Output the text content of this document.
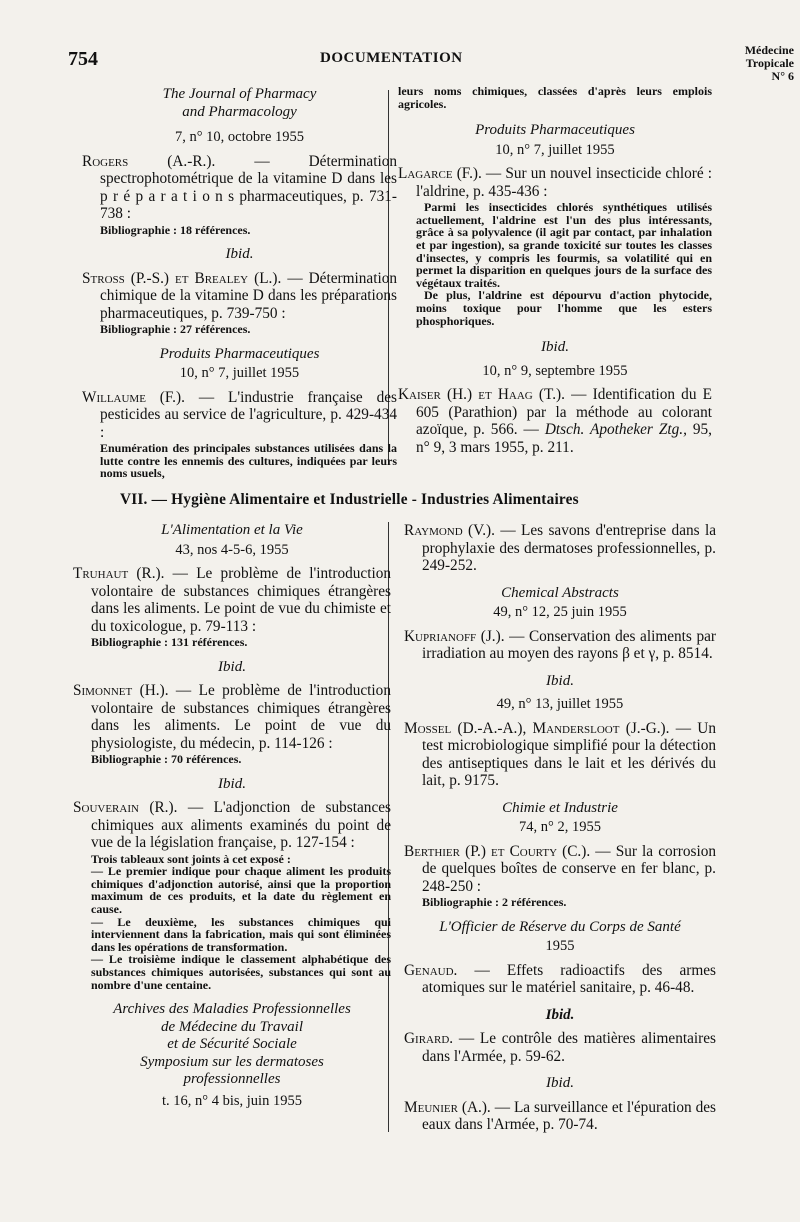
754	DOCUMENTATION	Médecine
Tropicale
N° 6
The Journal of Pharmacy
and Pharmacology
7, n° 10, octobre 1955
Rogers (A.-R.). — Détermination spectrophotométrique de la vitamine D dans les p r é p a r a t i o n s pharmaceutiques, p. 731-738 :
Bibliographie : 18 références.
Ibid.
Stross (P.-S.) et Brealey (L.). — Détermination chimique de la vitamine D dans les préparations pharmaceutiques, p. 739-750 :
Bibliographie : 27 références.
Produits Pharmaceutiques
10, n° 7, juillet 1955
Willaume (F.). — L'industrie française des pesticides au service de l'agriculture, p. 429-434 :
Enumération des principales substances utilisées dans la lutte contre les ennemis des cultures, indiquées par leurs noms usuels,
leurs noms chimiques, classées d'après leurs emplois agricoles.
Produits Pharmaceutiques
10, n° 7, juillet 1955
Lagarce (F.). — Sur un nouvel insecticide chloré : l'aldrine, p. 435-436 :

Parmi les insecticides chlorés synthétiques utilisés actuellement, l'aldrine est l'un des plus intéressants, grâce à sa polyvalence (il agit par contact, par inhalation et par ingestion), sa grande toxicité sur toutes les classes d'insectes, y compris les fourmis, sa volatilité qui en permet la disparition en quelques jours de la surface des végétaux traités.

De plus, l'aldrine est dépourvu d'action phytocide, moins toxique pour l'homme que les esters phosphoriques.

Ibid.
10, n° 9, septembre 1955
Kaiser (H.) et Haag (T.). — Identification du E 605 (Parathion) par la méthode au colorant azoïque, p. 566. — Dtsch. Apotheker Ztg., 95, n° 9, 3 mars 1955, p. 211.
VII. — Hygiène Alimentaire et Industrielle - Industries Alimentaires
L'Alimentation et la Vie
43, nos 4-5-6, 1955
Truhaut (R.). — Le problème de l'introduction volontaire de substances chimiques étrangères dans les aliments. Le point de vue du chimiste et du toxicologue, p. 79-113 :
Bibliographie : 131 références.
Ibid.
Simonnet (H.). — Le problème de l'introduction volontaire de substances chimiques étrangères dans les aliments. Le point de vue du physiologiste, du médecin, p. 114-126 :
Bibliographie : 70 références.
Ibid.
Souverain (R.). — L'adjonction de substances chimiques aux aliments examinés du point de vue de la législation française, p. 127-154 :

Trois tableaux sont joints à cet exposé :

— Le premier indique pour chaque aliment les produits chimiques d'adjonction autorisé, ainsi que la proportion maximum de ces produits, et la date du règlement en cause.

— Le deuxième, les substances chimiques qui interviennent dans la fabrication, mais qui sont éliminées dans les opérations de transformation.

— Le troisième indique le classement alphabétique des substances chimiques autorisées, substances qui sont au nombre d'une centaine.

Archives des Maladies Professionnelles
de Médecine du Travail
et de Sécurité Sociale
Symposium sur les dermatoses
professionnelles
t. 16, n° 4 bis, juin 1955
Raymond (V.). — Les savons d'entreprise dans la prophylaxie des dermatoses professionnelles, p. 249-252.
Chemical Abstracts
49, n° 12, 25 juin 1955
Kuprianoff (J.). — Conservation des aliments par irradiation au moyen des rayons β et γ, p. 8514.
Ibid.
49, n° 13, juillet 1955
Mossel (D.-A.-A.), Mandersloot (J.-G.). — Un test microbiologique simplifié pour la détection des antiseptiques dans le lait et les dérivés du lait, p. 9175.
Chimie et Industrie
74, n° 2, 1955
Berthier (P.) et Courty (C.). — Sur la corrosion de quelques boîtes de conserve en fer blanc, p. 248-250 :
Bibliographie : 2 références.
L'Officier de Réserve du Corps de Santé
1955
Genaud. — Effets radioactifs des armes atomiques sur le matériel sanitaire, p. 46-48.
Ibid.
Girard. — Le contrôle des matières alimentaires dans l'Armée, p. 59-62.
Ibid.
Meunier (A.). — La surveillance et l'épuration des eaux dans l'Armée, p. 70-74.
